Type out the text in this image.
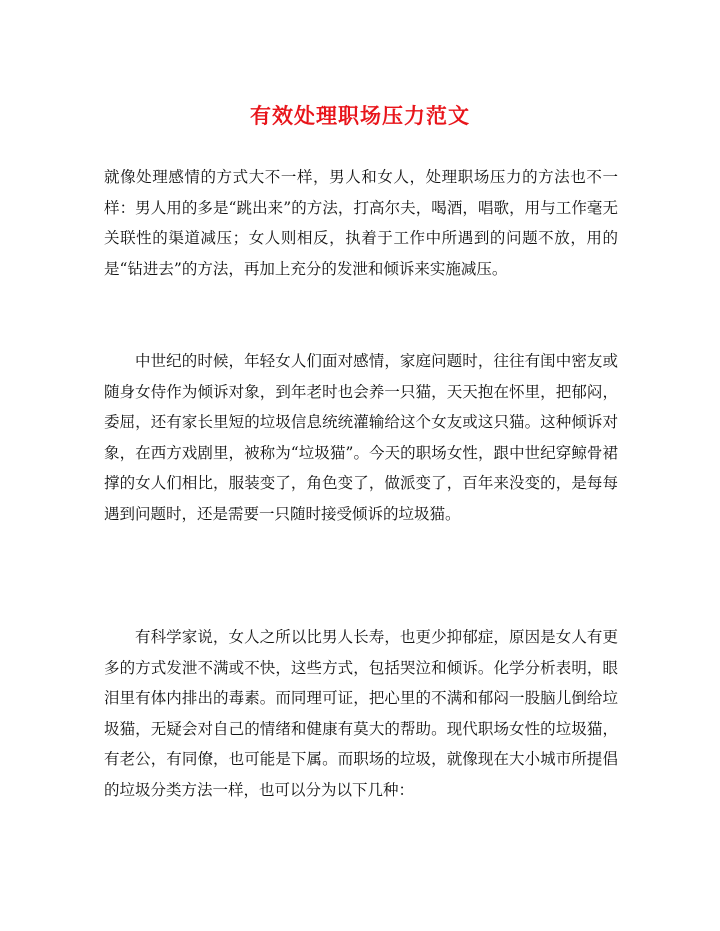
有效处理职场压力范文

就像处理感情的方式大不一样，男人和女人，处理职场压力的方法也不一样：男人用的多是“跳出来”的方法，打高尔夫，喝酒，唱歌，用与工作毫无关联性的渠道减压；女人则相反，执着于工作中所遇到的问题不放，用的是“钻进去”的方法，再加上充分的发泄和倾诉来实施减压。

中世纪的时候，年轻女人们面对感情，家庭问题时，往往有闺中密友或随身女侍作为倾诉对象，到年老时也会养一只猫，天天抱在怀里，把郁闷，委屈，还有家长里短的垃圾信息统统灌输给这个女友或这只猫。这种倾诉对象，在西方戏剧里，被称为“垃圾猫”。今天的职场女性，跟中世纪穿鲸骨裙撑的女人们相比，服装变了，角色变了，做派变了，百年来没变的，是每每遇到问题时，还是需要一只随时接受倾诉的垃圾猫。

有科学家说，女人之所以比男人长寿，也更少抑郁症，原因是女人有更多的方式发泄不满或不快，这些方式，包括哭泣和倾诉。化学分析表明，眼泪里有体内排出的毒素。而同理可证，把心里的不满和郁闷一股脑儿倒给垃圾猫，无疑会对自己的情绪和健康有莫大的帮助。现代职场女性的垃圾猫，有老公，有同僚，也可能是下属。而职场的垃圾，就像现在大小城市所提倡的垃圾分类方法一样，也可以分为以下几种：
